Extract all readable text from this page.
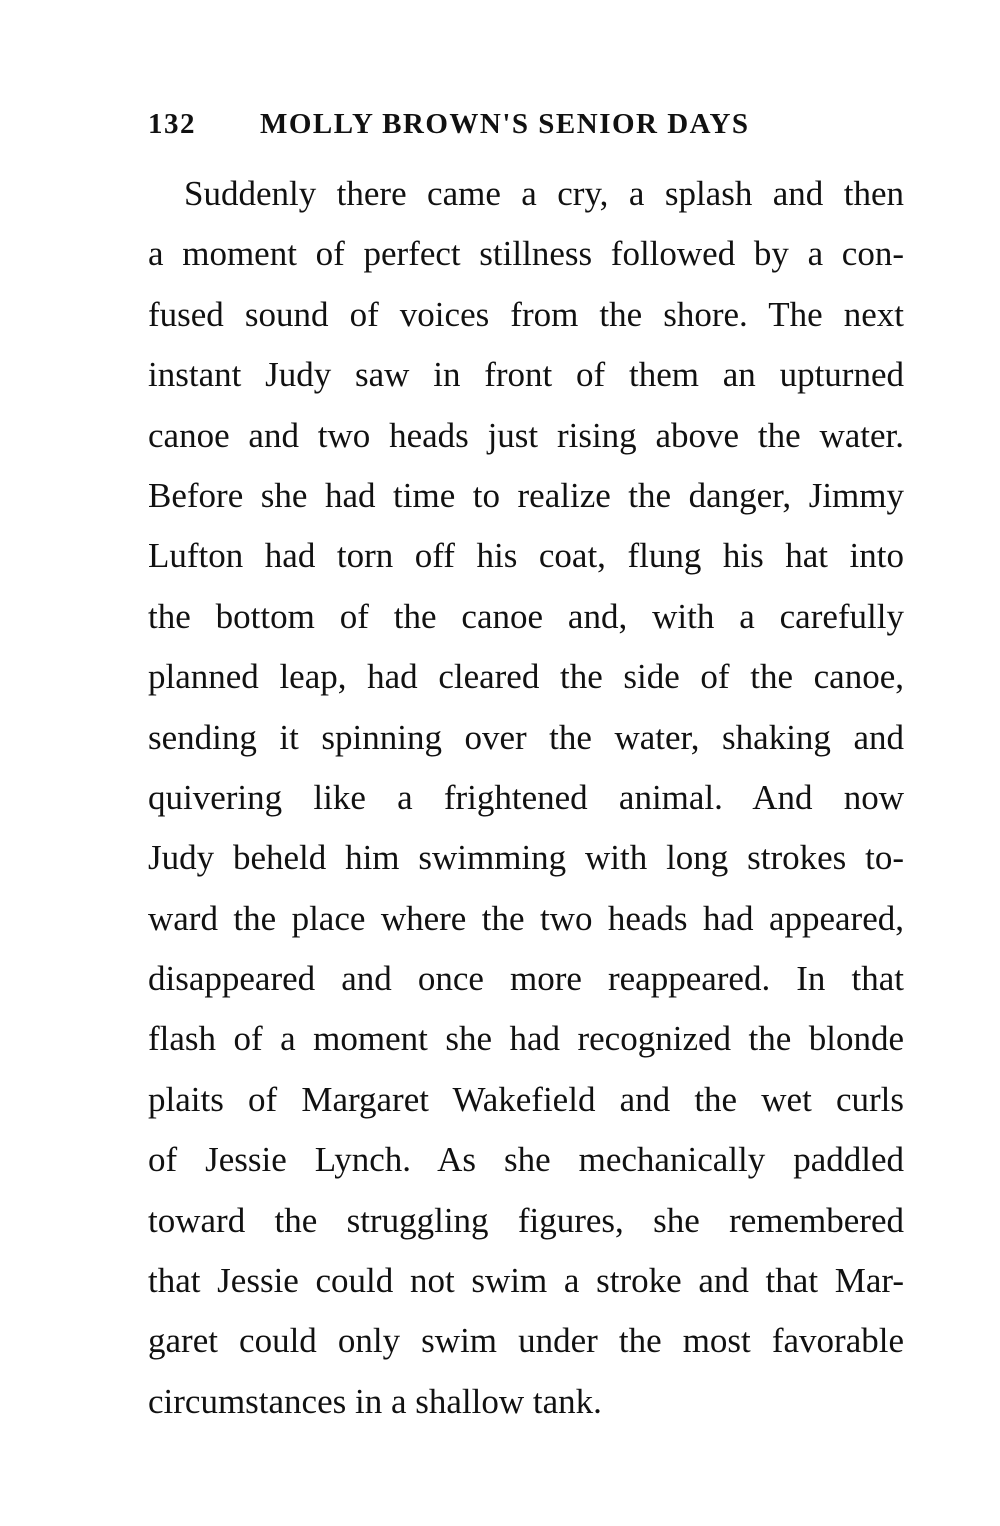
132 MOLLY BROWN'S SENIOR DAYS
Suddenly there came a cry, a splash and then
a moment of perfect stillness followed by a con-
fused sound of voices from the shore. The next
instant Judy saw in front of them an upturned
canoe and two heads just rising above the water.
Before she had time to realize the danger, Jimmy
Lufton had torn off his coat, flung his hat into
the bottom of the canoe and, with a carefully
planned leap, had cleared the side of the canoe,
sending it spinning over the water, shaking and
quivering like a frightened animal. And now
Judy beheld him swimming with long strokes to-
ward the place where the two heads had appeared,
disappeared and once more reappeared. In that
flash of a moment she had recognized the blonde
plaits of Margaret Wakefield and the wet curls
of Jessie Lynch. As she mechanically paddled
toward the struggling figures, she remembered
that Jessie could not swim a stroke and that Mar-
garet could only swim under the most favorable
circumstances in a shallow tank.
